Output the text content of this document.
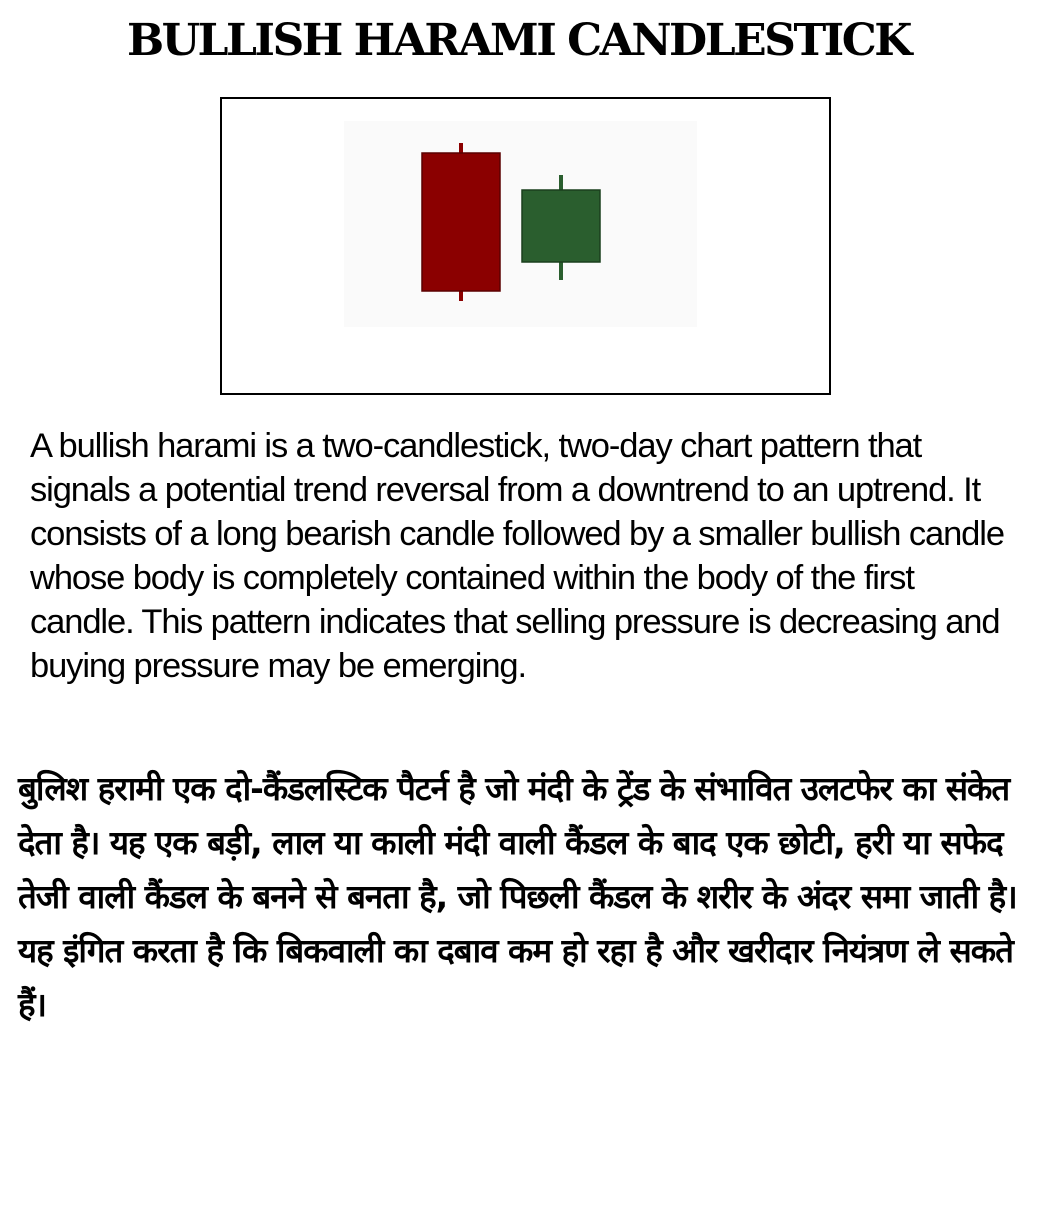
BULLISH HARAMI CANDLESTICK

A bullish harami is a two-candlestick, two-day chart pattern that signals a potential trend reversal from a downtrend to an uptrend. It consists of a long bearish candle followed by a smaller bullish candle whose body is completely contained within the body of the first candle. This pattern indicates that selling pressure is decreasing and buying pressure may be emerging.

बुलिश हरामी एक दो-कैंडलस्टिक पैटर्न है जो मंदी के ट्रेंड के संभावित उलटफेर का संकेत देता है। यह एक बड़ी, लाल या काली मंदी वाली कैंडल के बाद एक छोटी, हरी या सफेद तेजी वाली कैंडल के बनने से बनता है, जो पिछली कैंडल के शरीर के अंदर समा जाती है। यह इंगित करता है कि बिकवाली का दबाव कम हो रहा है और खरीदार नियंत्रण ले सकते हैं।
